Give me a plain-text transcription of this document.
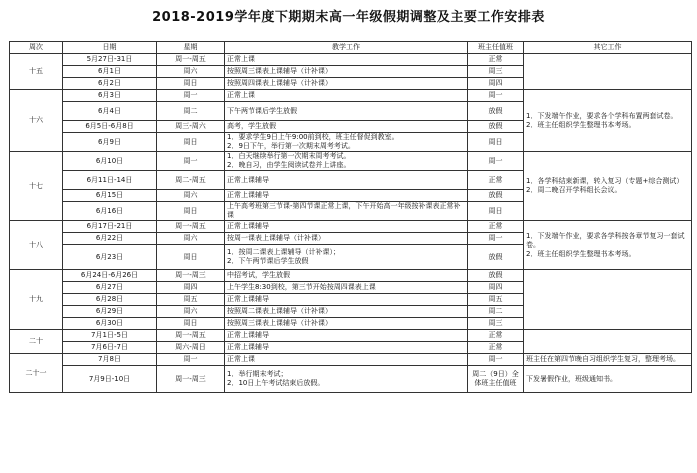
2018-2019学年度下期期末高一年级假期调整及主要工作安排表
周次	日期	星期	教学工作	班主任值班	其它工作
十五	5月27日-31日	周一-周五	正常上课	正常	
	6月1日	周六	按照周三课表上课辅导（计补课）	周三	
	6月2日	周日	按照周四课表上课辅导（计补课）	周四	
十六	6月3日	周一	正常上课	周一	1．下发端午作业，要求各个学科布置两套试卷。
2．班主任组织学生整理书本考场。
	6月4日	周二	下午两节课后学生放假	放假	
	6月5日-6月8日	周三-周六	高考，学生放假	放假	
	6月9日	周日	1．要求学生9日上午9:00前到校，班主任督促到教室。
2．9日下午，举行第一次期末周考考试。	周日	
十七	6月10日	周一	1．白天继续举行第一次期末周考考试。
2．晚自习，由学生阅读试卷并上讲座。	周一	1．各学科结束新课，转入复习（专题+综合测试）
2．周二晚召开学科组长会议。
	6月11日-14日	周二-周五	正常上课辅导	正常	
	6月15日	周六	正常上课辅导	放假	
	6月16日	周日	上午高考班第三节课-第四节课正常上课，下午开始高一年级按补课表正常补课	周日	
十八	6月17日-21日	周一-周五	正常上课辅导	正常	1．下发端午作业，要求各学科按各章节复习一套试卷。
2．班主任组织学生整理书本考场。
	6月22日	周六	按周一课表上课辅导（计补课）	周一	
	6月23日	周日	1．按周二课表上课辅导（计补课）；
2．下午两节课后学生放假	放假	
十九	6月24日-6月26日	周一-周三	中招考试，学生放假	放假	
	6月27日	周四	上午学生8:30到校，第三节开始按周四课表上课	周四	
	6月28日	周五	正常上课辅导	周五	
	6月29日	周六	按照周二课表上课辅导（计补课）	周二	
	6月30日	周日	按照周三课表上课辅导（计补课）	周三	
二十	7月1日-5日	周一-周五	正常上课辅导	正常	
	7月6日-7日	周六-周日	正常上课辅导	正常	
二十一	7月8日	周一	正常上课	周一	班主任在第四节晚自习组织学生复习，整理考场。
	7月9日-10日	周一-周三	1．举行期末考试；
2．10日上午考试结束后放假。	周二（9日）全体班主任值班	下发暑假作业，班级通知书。
